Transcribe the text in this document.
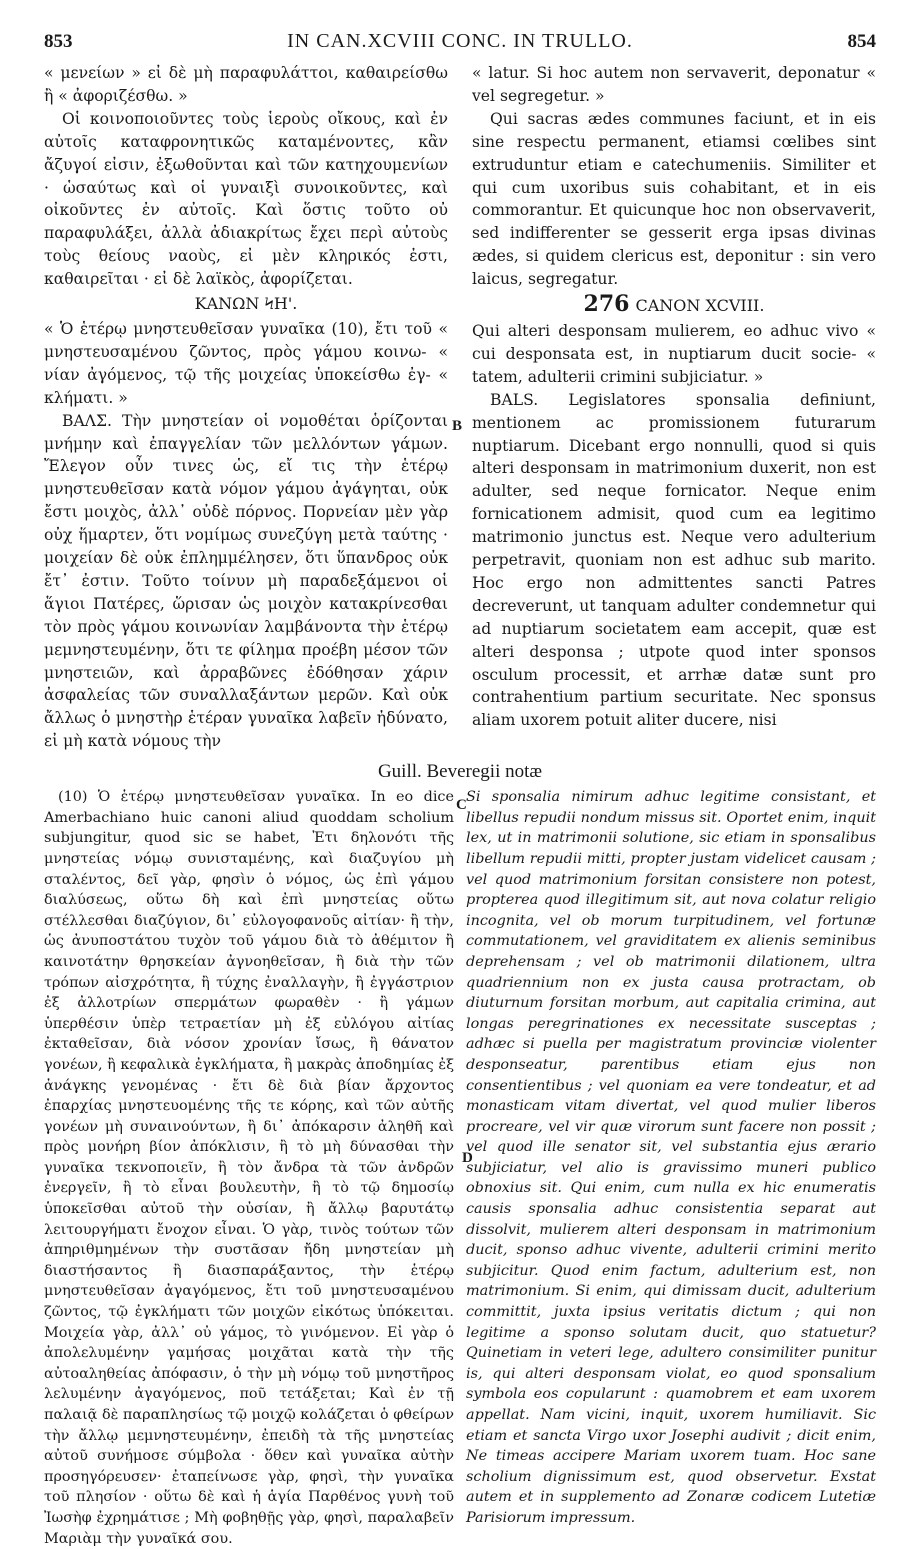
853	IN CAN.XCVIII CONC. IN TRULLO.	854

« μενείων » εἰ δὲ μὴ παραφυλάττοι, καθαιρείσθω ἢ « ἀφοριζέσθω. »

Οἱ κοινοποιοῦντες τοὺς ἱεροὺς οἴκους, καὶ ἐν αὐτοῖς καταφρονητικῶς καταμένοντες, κἂν ἄζυγοί εἰσιν, ἐξωθοῦνται καὶ τῶν κατηχουμενίων · ὡσαύτως καὶ οἱ γυναιξὶ συνοικοῦντες, καὶ οἰκοῦντες ἐν αὐτοῖς. Καὶ ὅστις τοῦτο οὐ παραφυλάξει, ἀλλὰ ἀδιακρίτως ἔχει περὶ αὐτοὺς τοὺς θείους ναοὺς, εἰ μὲν κληρικός ἐστι, καθαιρεῖται · εἰ δὲ λαϊκὸς, ἀφορίζεται.

ΚΑΝΩΝ ϞΗ'.

« Ὁ ἑτέρῳ μνηστευθεῖσαν γυναῖκα (10), ἔτι τοῦ « μνηστευσαμένου ζῶντος, πρὸς γάμου κοινω- « νίαν ἀγόμενος, τῷ τῆς μοιχείας ὑποκείσθω ἐγ- « κλήματι. »

ΒΑΛΣ. Τὴν μνηστείαν οἱ νομοθέται ὁρίζονται μνήμην καὶ ἐπαγγελίαν τῶν μελλόντων γάμων. Ἔλεγον οὖν τινες ὡς, εἴ τις τὴν ἑτέρῳ μνηστευθεῖσαν κατὰ νόμον γάμου ἀγάγηται, οὐκ ἔστι μοιχὸς, ἀλλ᾽ οὐδὲ πόρνος. Πορνείαν μὲν γὰρ οὐχ ἥμαρτεν, ὅτι νομίμως συνεζύγη μετὰ ταύτης · μοιχείαν δὲ οὐκ ἐπλημμέλησεν, ὅτι ὕπανδρος οὐκ ἔτ᾽ ἐστιν. Τοῦτο τοίνυν μὴ παραδεξάμενοι οἱ ἅγιοι Πατέρες, ὥρισαν ὡς μοιχὸν κατακρίνεσθαι τὸν πρὸς γάμου κοινωνίαν λαμβάνοντα τὴν ἑτέρῳ μεμνηστευμένην, ὅτι τε φίλημα προέβη μέσον τῶν μνηστειῶν, καὶ ἀρραβῶνες ἐδόθησαν χάριν ἀσφαλείας τῶν συναλλαξάντων μερῶν. Καὶ οὐκ ἄλλως ὁ μνηστὴρ ἑτέραν γυναῖκα λαβεῖν ἠδύνατο, εἰ μὴ κατὰ νόμους τὴν

« latur. Si hoc autem non servaverit, deponatur « vel segregetur. »

Qui sacras ædes communes faciunt, et in eis sine respectu permanent, etiamsi cœlibes sint extruduntur etiam e catechumeniis. Similiter et qui cum uxoribus suis cohabitant, et in eis commorantur. Et quicunque hoc non observaverit, sed indifferenter se gesserit erga ipsas divinas ædes, si quidem clericus est, deponitur : sin vero laicus, segregatur.

276 CANON XCVIII.

Qui alteri desponsam mulierem, eo adhuc vivo « cui desponsata est, in nuptiarum ducit socie- « tatem, adulterii crimini subjiciatur. »

BALS. Legislatores sponsalia definiunt, mentionem ac promissionem futurarum nuptiarum. Dicebant ergo nonnulli, quod si quis alteri desponsam in matrimonium duxerit, non est adulter, sed neque fornicator. Neque enim fornicationem admisit, quod cum ea legitimo matrimonio junctus est. Neque vero adulterium perpetravit, quoniam non est adhuc sub marito. Hoc ergo non admittentes sancti Patres decreverunt, ut tanquam adulter condemnetur qui ad nuptiarum societatem eam accepit, quæ est alteri desponsa ; utpote quod inter sponsos osculum processit, et arrhæ datæ sunt pro contrahentium partium securitate. Nec sponsus aliam uxorem potuit aliter ducere, nisi

Guill. Beveregii notæ

(10) Ὁ ἑτέρῳ μνηστευθεῖσαν γυναῖκα. In eo dice Amerbachiano huic canoni aliud quoddam scholium subjungitur, quod sic se habet, Ἐτι δηλονότι τῆς μνηστείας νόμῳ συνισταμένης, καὶ διαζυγίου μὴ σταλέντος, δεῖ γὰρ, φησὶν ὁ νόμος, ὡς ἐπὶ γάμου διαλύσεως, οὕτω δὴ καὶ ἐπὶ μνηστείας οὕτω στέλλεσθαι διαζύγιον, δι᾽ εὐλογοφανοῦς αἰτίαν· ἢ τὴν, ὡς ἀνυποστάτου τυχὸν τοῦ γάμου διὰ τὸ ἀθέμιτον ἢ καινοτάτην θρησκείαν ἀγνοηθεῖσαν, ἢ διὰ τὴν τῶν τρόπων αἰσχρότητα, ἢ τύχης ἐναλλαγὴν, ἢ ἐγγάστριον ἐξ ἀλλοτρίων σπερμάτων φωραθὲν · ἢ γάμων ὑπερθέσιν ὑπὲρ τετραετίαν μὴ ἐξ εὐλόγου αἰτίας ἐκταθεῖσαν, διὰ νόσον χρονίαν ἴσως, ἢ θάνατον γονέων, ἢ κεφαλικὰ ἐγκλήματα, ἢ μακρὰς ἀποδημίας ἐξ ἀνάγκης γενομένας · ἔτι δὲ διὰ βίαν ἄρχοντος ἐπαρχίας μνηστευομένης τῆς τε κόρης, καὶ τῶν αὐτῆς γονέων μὴ συναινούντων, ἢ δι᾽ ἀπόκαρσιν ἀληθῆ καὶ πρὸς μονήρη βίον ἀπόκλισιν, ἢ τὸ μὴ δύνασθαι τὴν γυναῖκα τεκνοποιεῖν, ἢ τὸν ἄνδρα τὰ τῶν ἀνδρῶν ἐνεργεῖν, ἢ τὸ εἶναι βουλευτὴν, ἢ τὸ τῷ δημοσίῳ ὑποκεῖσθαι αὐτοῦ τὴν οὐσίαν, ἢ ἄλλῳ βαρυτάτῳ λειτουργήματι ἔνοχον εἶναι. Ὁ γὰρ, τινὸς τούτων τῶν ἀπηριθμημένων τὴν συστᾶσαν ἤδη μνηστείαν μὴ διαστήσαντος ἢ διασπαράξαντος, τὴν ἑτέρῳ μνηστευθεῖσαν ἀγαγόμενος, ἔτι τοῦ μνηστευσαμένου ζῶντος, τῷ ἐγκλήματι τῶν μοιχῶν εἰκότως ὑπόκειται. Μοιχεία γὰρ, ἀλλ᾽ οὐ γάμος, τὸ γινόμενον. Εἰ γὰρ ὁ ἀπολελυμένην γαμήσας μοιχᾶται κατὰ τὴν τῆς αὐτοαληθείας ἀπόφασιν, ὁ τὴν μὴ νόμῳ τοῦ μνηστῆρος λελυμένην ἀγαγόμενος, ποῦ τετάξεται; Καὶ ἐν τῇ παλαιᾷ δὲ παραπλησίως τῷ μοιχῷ κολάζεται ὁ φθείρων τὴν ἄλλῳ μεμνηστευμένην, ἐπειδὴ τὰ τῆς μνηστείας αὐτοῦ συνήμοσε σύμβολα · ὅθεν καὶ γυναῖκα αὐτὴν προσηγόρευσεν· ἐταπείνωσε γὰρ, φησὶ, τὴν γυναῖκα τοῦ πλησίον · οὕτω δὲ καὶ ἡ ἁγία Παρθένος γυνὴ τοῦ Ἰωσὴφ ἐχρημάτισε ; Μὴ φοβηθῇς γὰρ, φησὶ, παραλαβεῖν Μαριὰμ τὴν γυναῖκά σου.

Si sponsalia nimirum adhuc legitime consistant, et libellus repudii nondum missus sit. Oportet enim, inquit lex, ut in matrimonii solutione, sic etiam in sponsalibus libellum repudii mitti, propter justam videlicet causam ; vel quod matrimonium forsitan consistere non potest, propterea quod illegitimum sit, aut nova colatur religio incognita, vel ob morum turpitudinem, vel fortunæ commutationem, vel graviditatem ex alienis seminibus deprehensam ; vel ob matrimonii dilationem, ultra quadriennium non ex justa causa protractam, ob diuturnum forsitan morbum, aut capitalia crimina, aut longas peregrinationes ex necessitate susceptas ; adhæc si puella per magistratum provinciæ violenter desponseatur, parentibus etiam ejus non consentientibus ; vel quoniam ea vere tondeatur, et ad monasticam vitam divertat, vel quod mulier liberos procreare, vel vir quæ virorum sunt facere non possit ; vel quod ille senator sit, vel substantia ejus ærario subjiciatur, vel alio is gravissimo muneri publico obnoxius sit. Qui enim, cum nulla ex hic enumeratis causis sponsalia adhuc consistentia separat aut dissolvit, mulierem alteri desponsam in matrimonium ducit, sponso adhuc vivente, adulterii crimini merito subjicitur. Quod enim factum, adulterium est, non matrimonium. Si enim, qui dimissam ducit, adulterium committit, juxta ipsius veritatis dictum ; qui non legitime a sponso solutam ducit, quo statuetur? Quinetiam in veteri lege, adultero consimiliter punitur is, qui alteri desponsam violat, eo quod sponsalium symbola eos copularunt : quamobrem et eam uxorem appellat. Nam vicini, inquit, uxorem humiliavit. Sic etiam et sancta Virgo uxor Josephi audivit ; dicit enim, Ne timeas accipere Mariam uxorem tuam. Hoc sane scholium dignissimum est, quod observetur. Exstat autem et in supplemento ad Zonaræ codicem Lutetiæ Parisiorum impressum.

B
C
D
